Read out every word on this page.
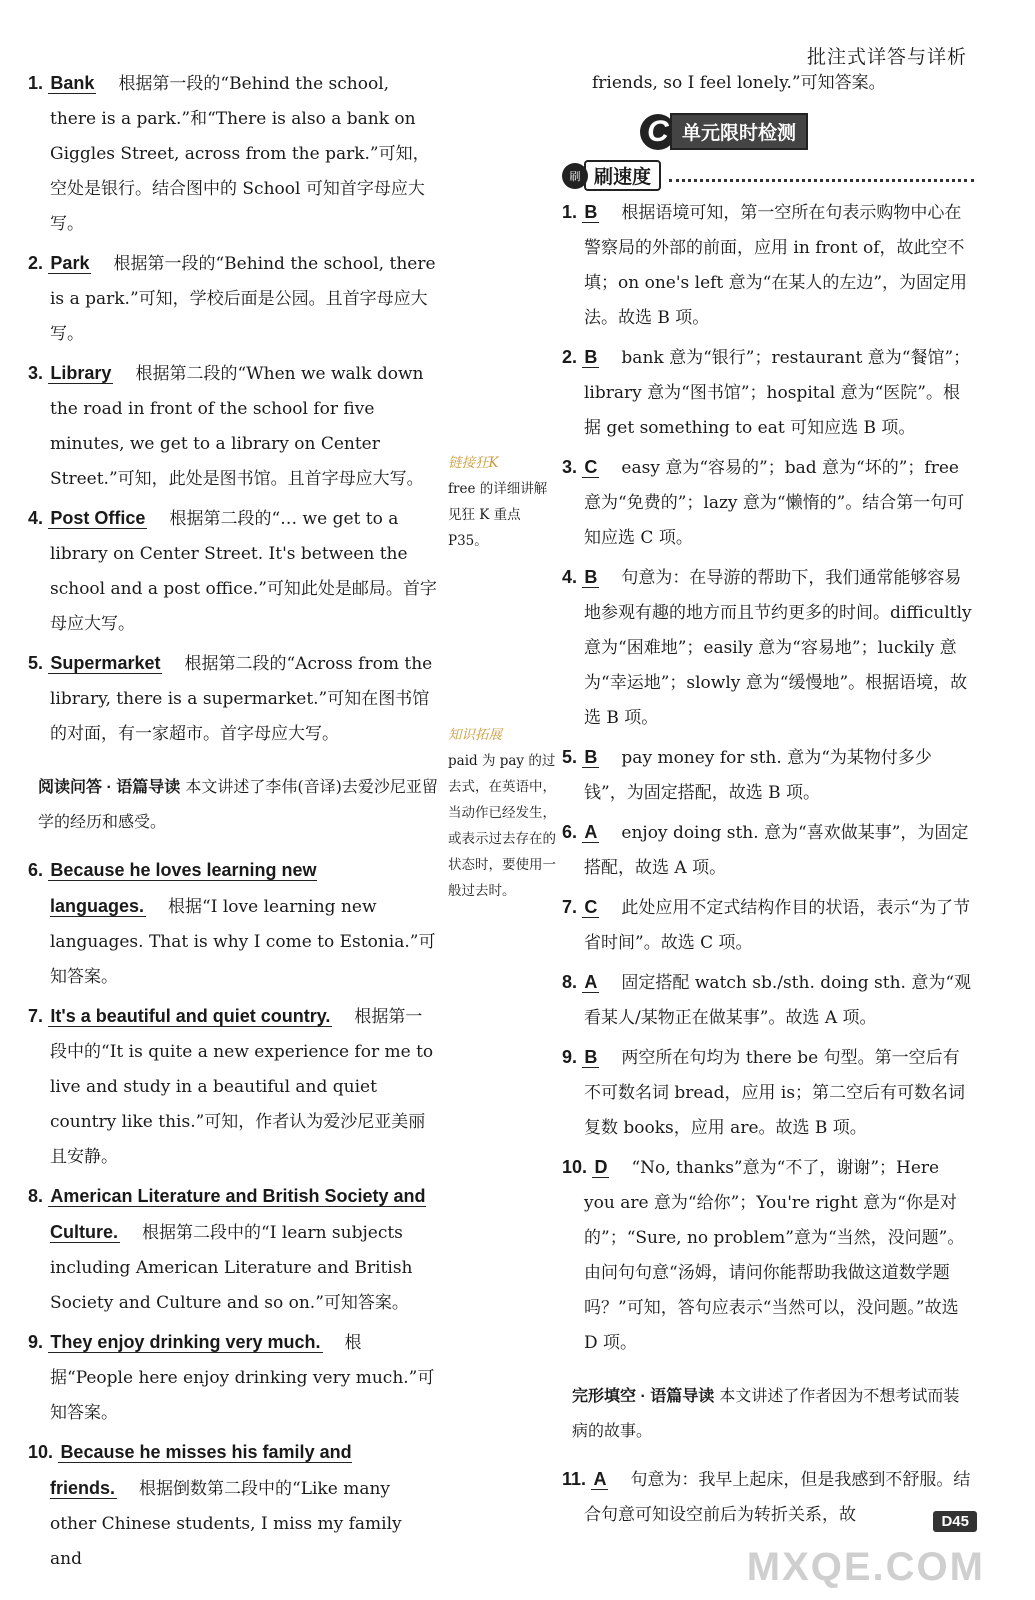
批注式详答与详析
1. Bank 根据第一段的“Behind the school, there is a park.”和“There is also a bank on Giggles Street, across from the park.”可知，空处是银行。结合图中的 School 可知首字母应大写。
2. Park 根据第一段的“Behind the school, there is a park.”可知，学校后面是公园。且首字母应大写。
3. Library 根据第二段的“When we walk down the road in front of the school for five minutes, we get to a library on Center Street.”可知，此处是图书馆。且首字母应大写。
4. Post Office 根据第二段的“… we get to a library on Center Street. It's between the school and a post office.”可知此处是邮局。首字母应大写。
5. Supermarket 根据第二段的“Across from the library, there is a supermarket.”可知在图书馆的对面，有一家超市。首字母应大写。
阅读问答 · 语篇导读 本文讲述了李伟(音译)去爱沙尼亚留学的经历和感受。
6. Because he loves learning new languages. 根据“I love learning new languages. That is why I come to Estonia.”可知答案。
7. It's a beautiful and quiet country. 根据第一段中的“It is quite a new experience for me to live and study in a beautiful and quiet country like this.”可知，作者认为爱沙尼亚美丽且安静。
8. American Literature and British Society and Culture. 根据第二段中的“I learn subjects including American Literature and British Society and Culture and so on.”可知答案。
9. They enjoy drinking very much. 根据“People here enjoy drinking very much.”可知答案。
10. Because he misses his family and friends. 根据倒数第二段中的“Like many other Chinese students, I miss my family and
链接狂K
free 的详细讲解见狂 K 重点 P35。
知识拓展
paid 为 pay 的过去式，在英语中，当动作已经发生，或表示过去存在的状态时，要使用一般过去时。
friends, so I feel lonely.”可知答案。
C 单元限时检测
刷 刷速度
1. B 根据语境可知，第一空所在句表示购物中心在警察局的外部的前面，应用 in front of，故此空不填；on one's left 意为“在某人的左边”，为固定用法。故选 B 项。
2. B bank 意为“银行”；restaurant 意为“餐馆”；library 意为“图书馆”；hospital 意为“医院”。根据 get something to eat 可知应选 B 项。
3. C easy 意为“容易的”；bad 意为“坏的”；free 意为“免费的”；lazy 意为“懒惰的”。结合第一句可知应选 C 项。
4. B 句意为：在导游的帮助下，我们通常能够容易地参观有趣的地方而且节约更多的时间。difficultly 意为“困难地”；easily 意为“容易地”；luckily 意为“幸运地”；slowly 意为“缓慢地”。根据语境，故选 B 项。
5. B pay money for sth. 意为“为某物付多少钱”，为固定搭配，故选 B 项。
6. A enjoy doing sth. 意为“喜欢做某事”，为固定搭配，故选 A 项。
7. C 此处应用不定式结构作目的状语，表示“为了节省时间”。故选 C 项。
8. A 固定搭配 watch sb./sth. doing sth. 意为“观看某人/某物正在做某事”。故选 A 项。
9. B 两空所在句均为 there be 句型。第一空后有不可数名词 bread，应用 is；第二空后有可数名词复数 books，应用 are。故选 B 项。
10. D “No, thanks”意为“不了，谢谢”；Here you are 意为“给你”；You're right 意为“你是对的”；“Sure, no problem”意为“当然，没问题”。由问句句意“汤姆，请问你能帮助我做这道数学题吗？”可知，答句应表示“当然可以，没问题。”故选 D 项。
完形填空 · 语篇导读 本文讲述了作者因为不想考试而装病的故事。
11. A 句意为：我早上起床，但是我感到不舒服。结合句意可知设空前后为转折关系，故	D45
MXQE.COM
